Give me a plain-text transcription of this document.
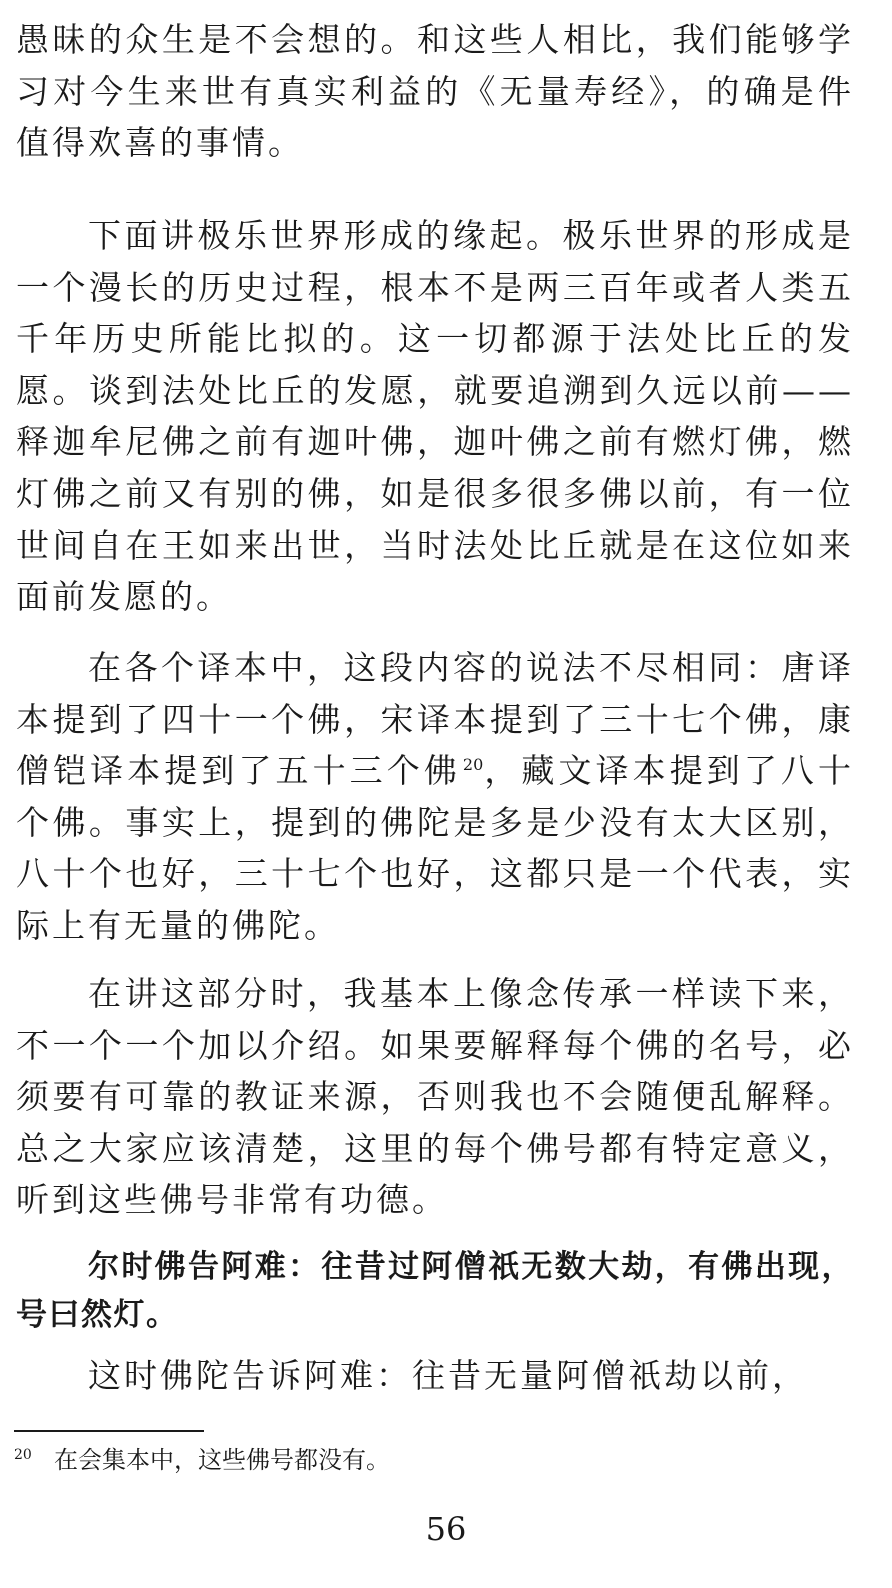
愚昧的众生是不会想的。和这些人相比，我们能够学习对今生来世有真实利益的《无量寿经》，的确是件值得欢喜的事情。

下面讲极乐世界形成的缘起。极乐世界的形成是一个漫长的历史过程，根本不是两三百年或者人类五千年历史所能比拟的。这一切都源于法处比丘的发愿。谈到法处比丘的发愿，就要追溯到久远以前——释迦牟尼佛之前有迦叶佛，迦叶佛之前有燃灯佛，燃灯佛之前又有别的佛，如是很多很多佛以前，有一位世间自在王如来出世，当时法处比丘就是在这位如来面前发愿的。

在各个译本中，这段内容的说法不尽相同：唐译本提到了四十一个佛，宋译本提到了三十七个佛，康僧铠译本提到了五十三个佛 $^{20}$，藏文译本提到了八十个佛。事实上，提到的佛陀是多是少没有太大区别，八十个也好，三十七个也好，这都只是一个代表，实际上有无量的佛陀。

在讲这部分时，我基本上像念传承一样读下来，不一个一个加以介绍。如果要解释每个佛的名号，必须要有可靠的教证来源，否则我也不会随便乱解释。总之大家应该清楚，这里的每个佛号都有特定意义，听到这些佛号非常有功德。

尔时佛告阿难：往昔过阿僧祇无数大劫，有佛出现，号曰然灯。

这时佛陀告诉阿难：往昔无量阿僧祇劫以前，

20 在会集本中，这些佛号都没有。
56
